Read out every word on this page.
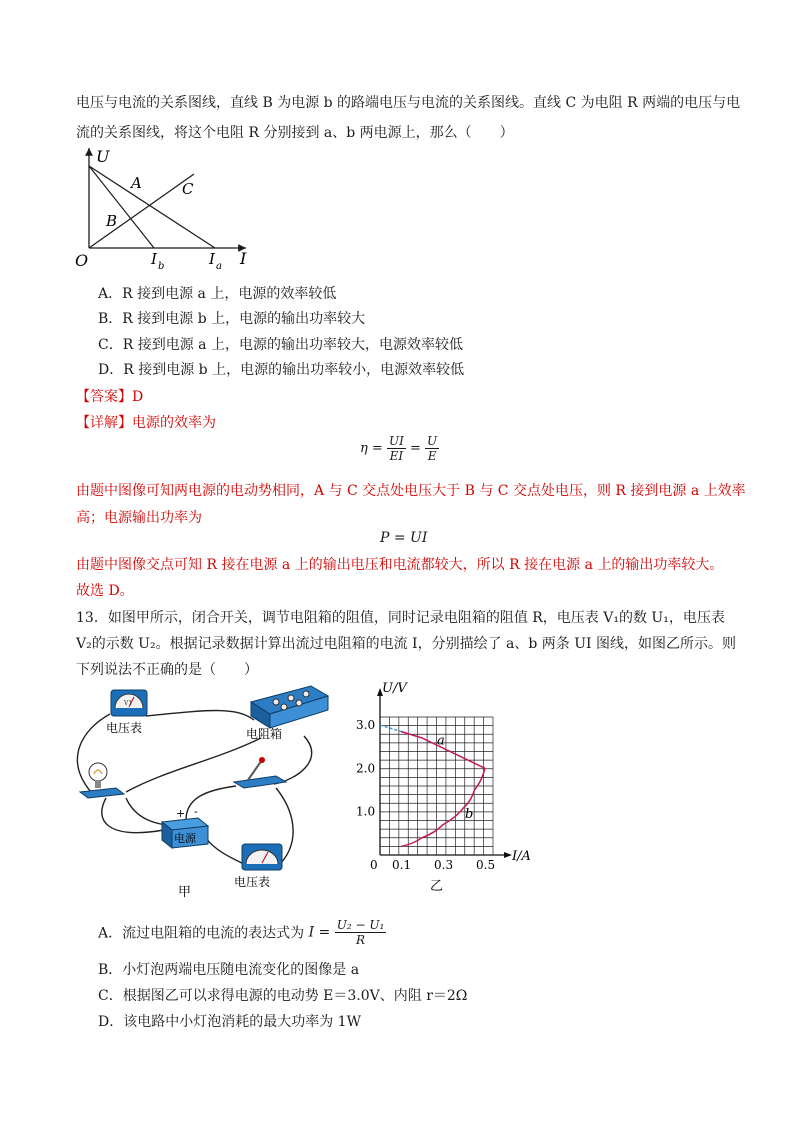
电压与电流的关系图线，直线 B 为电源 b 的路端电压与电流的关系图线。直线 C 为电阻 R 两端的电压与电
流的关系图线，将这个电阻 R 分别接到 a、b 两电源上，那么（　　）
U
A	C
B
O	I b	I a I
A．R 接到电源 a 上，电源的效率较低
B．R 接到电源 b 上，电源的输出功率较大
C．R 接到电源 a 上，电源的输出功率较大，电源效率较低
D．R 接到电源 b 上，电源的输出功率较小，电源效率较低
【答案】D
【详解】电源的效率为
$\eta = \frac{UI}{EI} = \frac{U}{E}$
由题中图像可知两电源的电动势相同，A 与 C 交点处电压大于 B 与 C 交点处电压，则 R 接到电源 a 上效率
高；电源输出功率为
P = UI
由题中图像交点可知 R 接在电源 a 上的输出电压和电流都较大，所以 R 接在电源 a 上的输出功率较大。
故选 D。
13．如图甲所示，闭合开关，调节电阻箱的阻值，同时记录电阻箱的阻值 R，电压表 V₁的数 U₁，电压表
V₂的示数 U₂。根据记录数据计算出流过电阻箱的电流 I，分别描绘了 a、b 两条 UI 图线，如图乙所示。则
下列说法不正确的是（　　）
V1
电压表	电阻箱
+ -
电源
电压表
甲
3.0
2.0
1.0
0 0.1 0.3 0.5
a
b
U/V
I/A
乙
A．流过电阻箱的电流的表达式为 $I = \frac{\text{U₂ − U₁}}{R}$
B．小灯泡两端电压随电流变化的图像是 a
C．根据图乙可以求得电源的电动势 E＝3.0V、内阻 r＝2Ω
D．该电路中小灯泡消耗的最大功率为 1W
